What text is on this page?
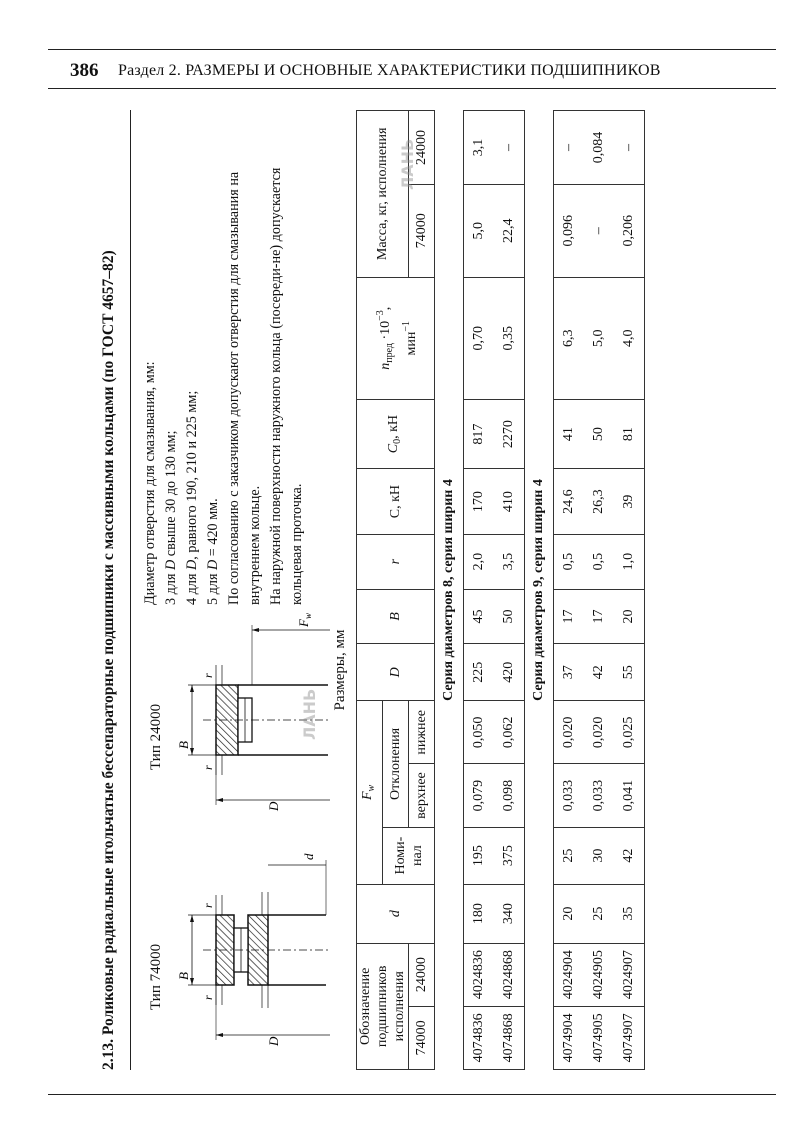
386 Раздел 2. РАЗМЕРЫ И ОСНОВНЫЕ ХАРАКТЕРИСТИКИ ПОДШИПНИКОВ
2.13. Роликовые радиальные игольчатые бессепараторные подшипники с массивными кольцами (по ГОСТ 4657–82) Тип 74000 B
r
r
D
d
Тип 24000 B
r
r
D
$F_w$

Диаметр отверстия для смазывания, мм: 3 для D свыше 30 до 130 мм;

4 для D, равного 190, 210 и 225 мм;

5 для D = 420 мм. По согласованию с заказчиком допускают отверстия для смазывания на внутреннем кольце. На наружной поверхности наружного кольца (посереди-не) допускается кольцевая проточка.

Размеры, мм
Обозначение подшипников исполнения		d	$F_w$			D	B	r	C, кН	$C_0$, кН	$n_{пред} \cdot 10^{-3}$,
мин$^{-1}$	Масса, кг, исполнения	
			Номи-нал	Отклонения									
74000	24000			верхнее	нижнее							74000	24000
Серия диаметров 8, серия ширин 4													
4074836	4024836	180	195	0,079	0,050	225	45	2,0	170	817	0,70	5,0	3,1
4074868	4024868	340	375	0,098	0,062	420	50	3,5	410	2270	0,35	22,4	–
Серия диаметров 9, серия ширин 4													
4074904	4024904	20	25	0,033	0,020	37	17	0,5	24,6	41	6,3	0,096	–
4074905	4024905	25	30	0,033	0,020	42	17	0,5	26,3	50	5,0	–	0,084
4074907	4024907	35	42	0,041	0,025	55	20	1,0	39	81	4,0	0,206	–
ЛАНЬ
ЛАНЬ
